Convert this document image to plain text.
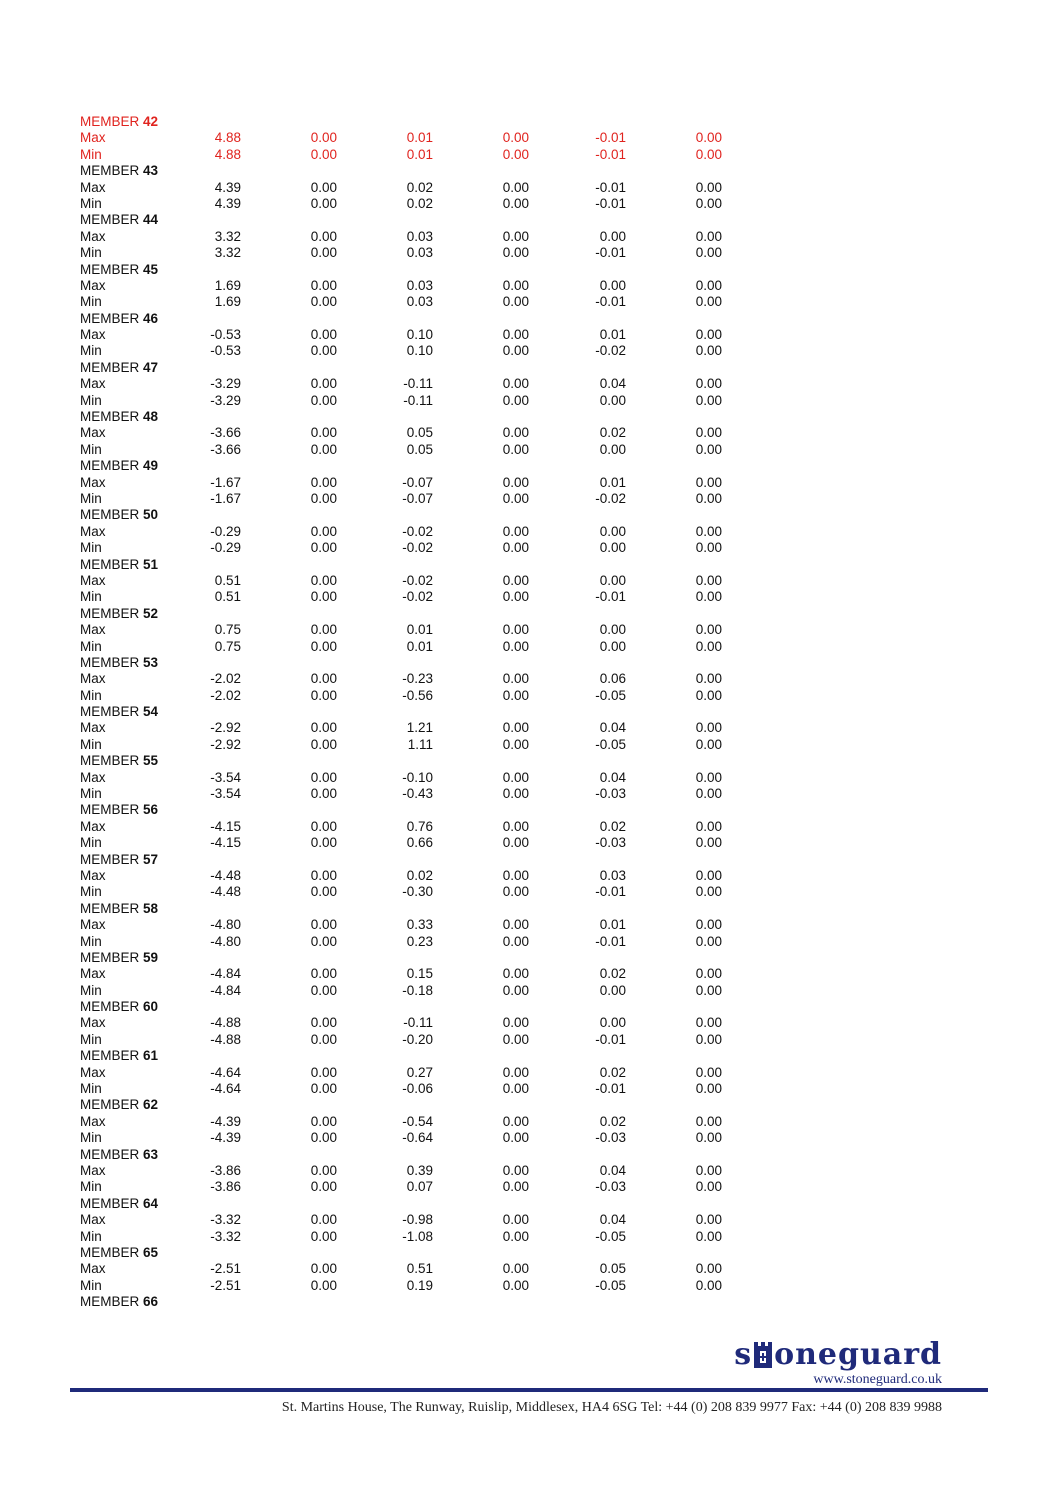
MEMBER 42
Max	4.88	0.00	0.01	0.00	-0.01	0.00
Min	4.88	0.00	0.01	0.00	-0.01	0.00
MEMBER 43
Max	4.39	0.00	0.02	0.00	-0.01	0.00
Min	4.39	0.00	0.02	0.00	-0.01	0.00
MEMBER 44
Max	3.32	0.00	0.03	0.00	0.00	0.00
Min	3.32	0.00	0.03	0.00	-0.01	0.00
MEMBER 45
Max	1.69	0.00	0.03	0.00	0.00	0.00
Min	1.69	0.00	0.03	0.00	-0.01	0.00
MEMBER 46
Max	-0.53	0.00	0.10	0.00	0.01	0.00
Min	-0.53	0.00	0.10	0.00	-0.02	0.00
MEMBER 47
Max	-3.29	0.00	-0.11	0.00	0.04	0.00
Min	-3.29	0.00	-0.11	0.00	0.00	0.00
MEMBER 48
Max	-3.66	0.00	0.05	0.00	0.02	0.00
Min	-3.66	0.00	0.05	0.00	0.00	0.00
MEMBER 49
Max	-1.67	0.00	-0.07	0.00	0.01	0.00
Min	-1.67	0.00	-0.07	0.00	-0.02	0.00
MEMBER 50
Max	-0.29	0.00	-0.02	0.00	0.00	0.00
Min	-0.29	0.00	-0.02	0.00	0.00	0.00
MEMBER 51
Max	0.51	0.00	-0.02	0.00	0.00	0.00
Min	0.51	0.00	-0.02	0.00	-0.01	0.00
MEMBER 52
Max	0.75	0.00	0.01	0.00	0.00	0.00
Min	0.75	0.00	0.01	0.00	0.00	0.00
MEMBER 53
Max	-2.02	0.00	-0.23	0.00	0.06	0.00
Min	-2.02	0.00	-0.56	0.00	-0.05	0.00
MEMBER 54
Max	-2.92	0.00	1.21	0.00	0.04	0.00
Min	-2.92	0.00	1.11	0.00	-0.05	0.00
MEMBER 55
Max	-3.54	0.00	-0.10	0.00	0.04	0.00
Min	-3.54	0.00	-0.43	0.00	-0.03	0.00
MEMBER 56
Max	-4.15	0.00	0.76	0.00	0.02	0.00
Min	-4.15	0.00	0.66	0.00	-0.03	0.00
MEMBER 57
Max	-4.48	0.00	0.02	0.00	0.03	0.00
Min	-4.48	0.00	-0.30	0.00	-0.01	0.00
MEMBER 58
Max	-4.80	0.00	0.33	0.00	0.01	0.00
Min	-4.80	0.00	0.23	0.00	-0.01	0.00
MEMBER 59
Max	-4.84	0.00	0.15	0.00	0.02	0.00
Min	-4.84	0.00	-0.18	0.00	0.00	0.00
MEMBER 60
Max	-4.88	0.00	-0.11	0.00	0.00	0.00
Min	-4.88	0.00	-0.20	0.00	-0.01	0.00
MEMBER 61
Max	-4.64	0.00	0.27	0.00	0.02	0.00
Min	-4.64	0.00	-0.06	0.00	-0.01	0.00
MEMBER 62
Max	-4.39	0.00	-0.54	0.00	0.02	0.00
Min	-4.39	0.00	-0.64	0.00	-0.03	0.00
MEMBER 63
Max	-3.86	0.00	0.39	0.00	0.04	0.00
Min	-3.86	0.00	0.07	0.00	-0.03	0.00
MEMBER 64
Max	-3.32	0.00	-0.98	0.00	0.04	0.00
Min	-3.32	0.00	-1.08	0.00	-0.05	0.00
MEMBER 65
Max	-2.51	0.00	0.51	0.00	0.05	0.00
Min	-2.51	0.00	0.19	0.00	-0.05	0.00
MEMBER 66
s oneguard
www.stoneguard.co.uk
St. Martins House, The Runway, Ruislip, Middlesex, HA4 6SG Tel: +44 (0) 208 839 9977 Fax: +44 (0) 208 839 9988
